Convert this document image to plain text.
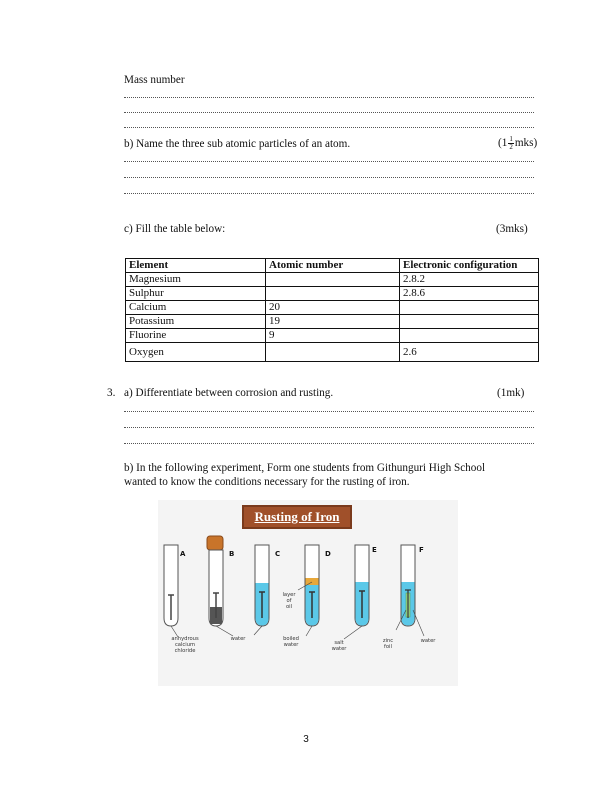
Mass number
b) Name the three sub atomic particles of an atom.	$(1 \frac{1}{2} mks)$
c) Fill the table below:	(3mks)
Element	Atomic number	Electronic configuration
Magnesium		2.8.2
Sulphur		2.8.6
Calcium	20	
Potassium	19	
Fluorine	9	
Oxygen		2.6
3. a) Differentiate between corrosion and rusting.	(1mk)
b) In the following experiment, Form one students from Githunguri High School
wanted to know the conditions necessary for the rusting of iron.
Rusting of Iron
A	B	C	D	E	F
anhydrous
calcium
chloride
water
layer
of
oil
boiled
water	salt
water
zinc
foil
water
3
